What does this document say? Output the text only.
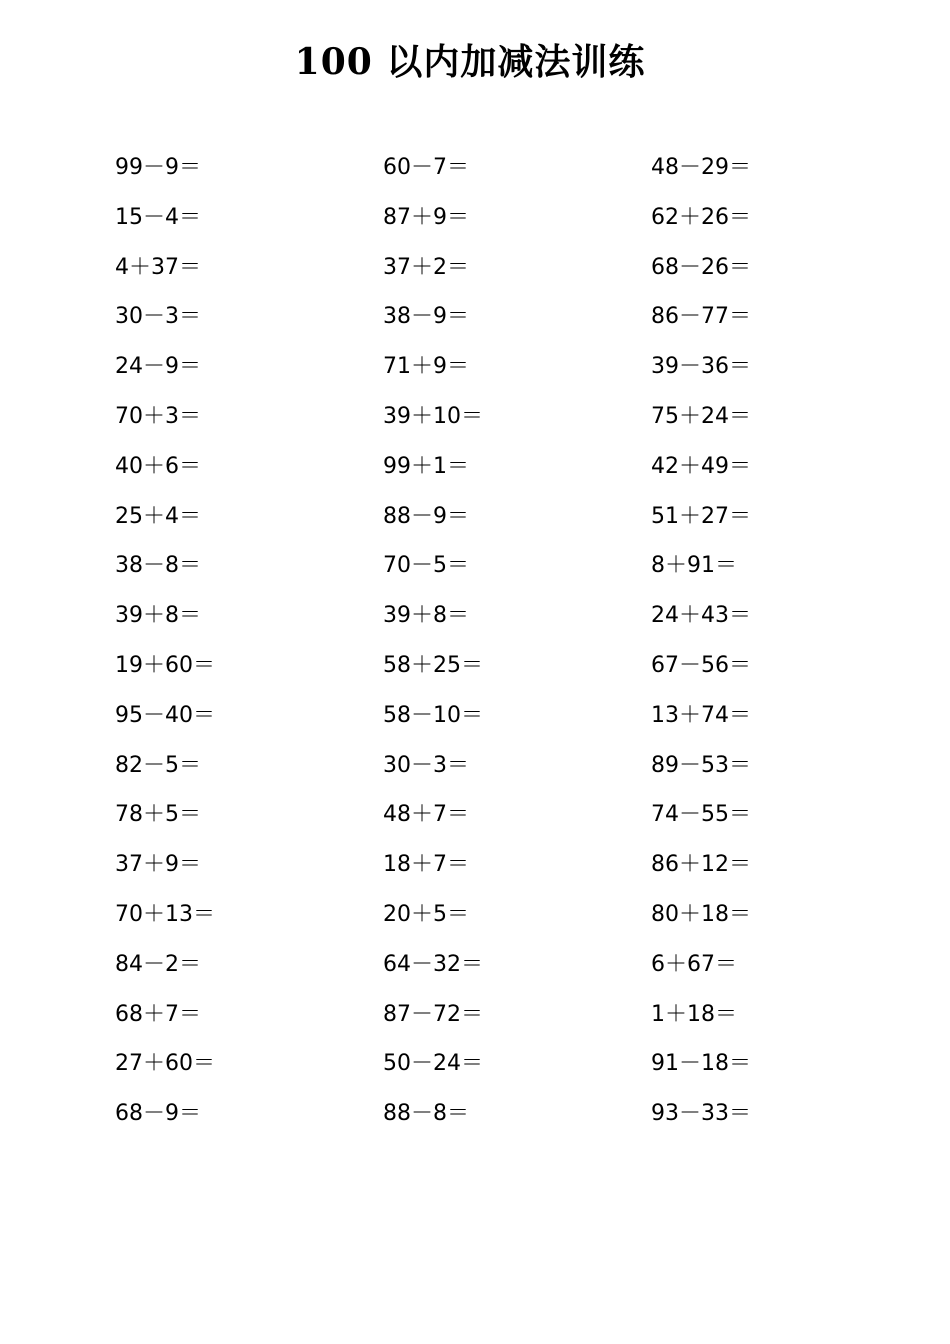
100 以内加减法训练
99－9＝	60－7＝	48－29＝
15－4＝	87＋9＝	62＋26＝
4＋37＝	37＋2＝	68－26＝
30－3＝	38－9＝	86－77＝
24－9＝	71＋9＝	39－36＝
70＋3＝	39＋10＝	75＋24＝
40＋6＝	99＋1＝	42＋49＝
25＋4＝	88－9＝	51＋27＝
38－8＝	70－5＝	8＋91＝
39＋8＝	39＋8＝	24＋43＝
19＋60＝	58＋25＝	67－56＝
95－40＝	58－10＝	13＋74＝
82－5＝	30－3＝	89－53＝
78＋5＝	48＋7＝	74－55＝
37＋9＝	18＋7＝	86＋12＝
70＋13＝	20＋5＝	80＋18＝
84－2＝	64－32＝	6＋67＝
68＋7＝	87－72＝	1＋18＝
27＋60＝	50－24＝	91－18＝
68－9＝	88－8＝	93－33＝
